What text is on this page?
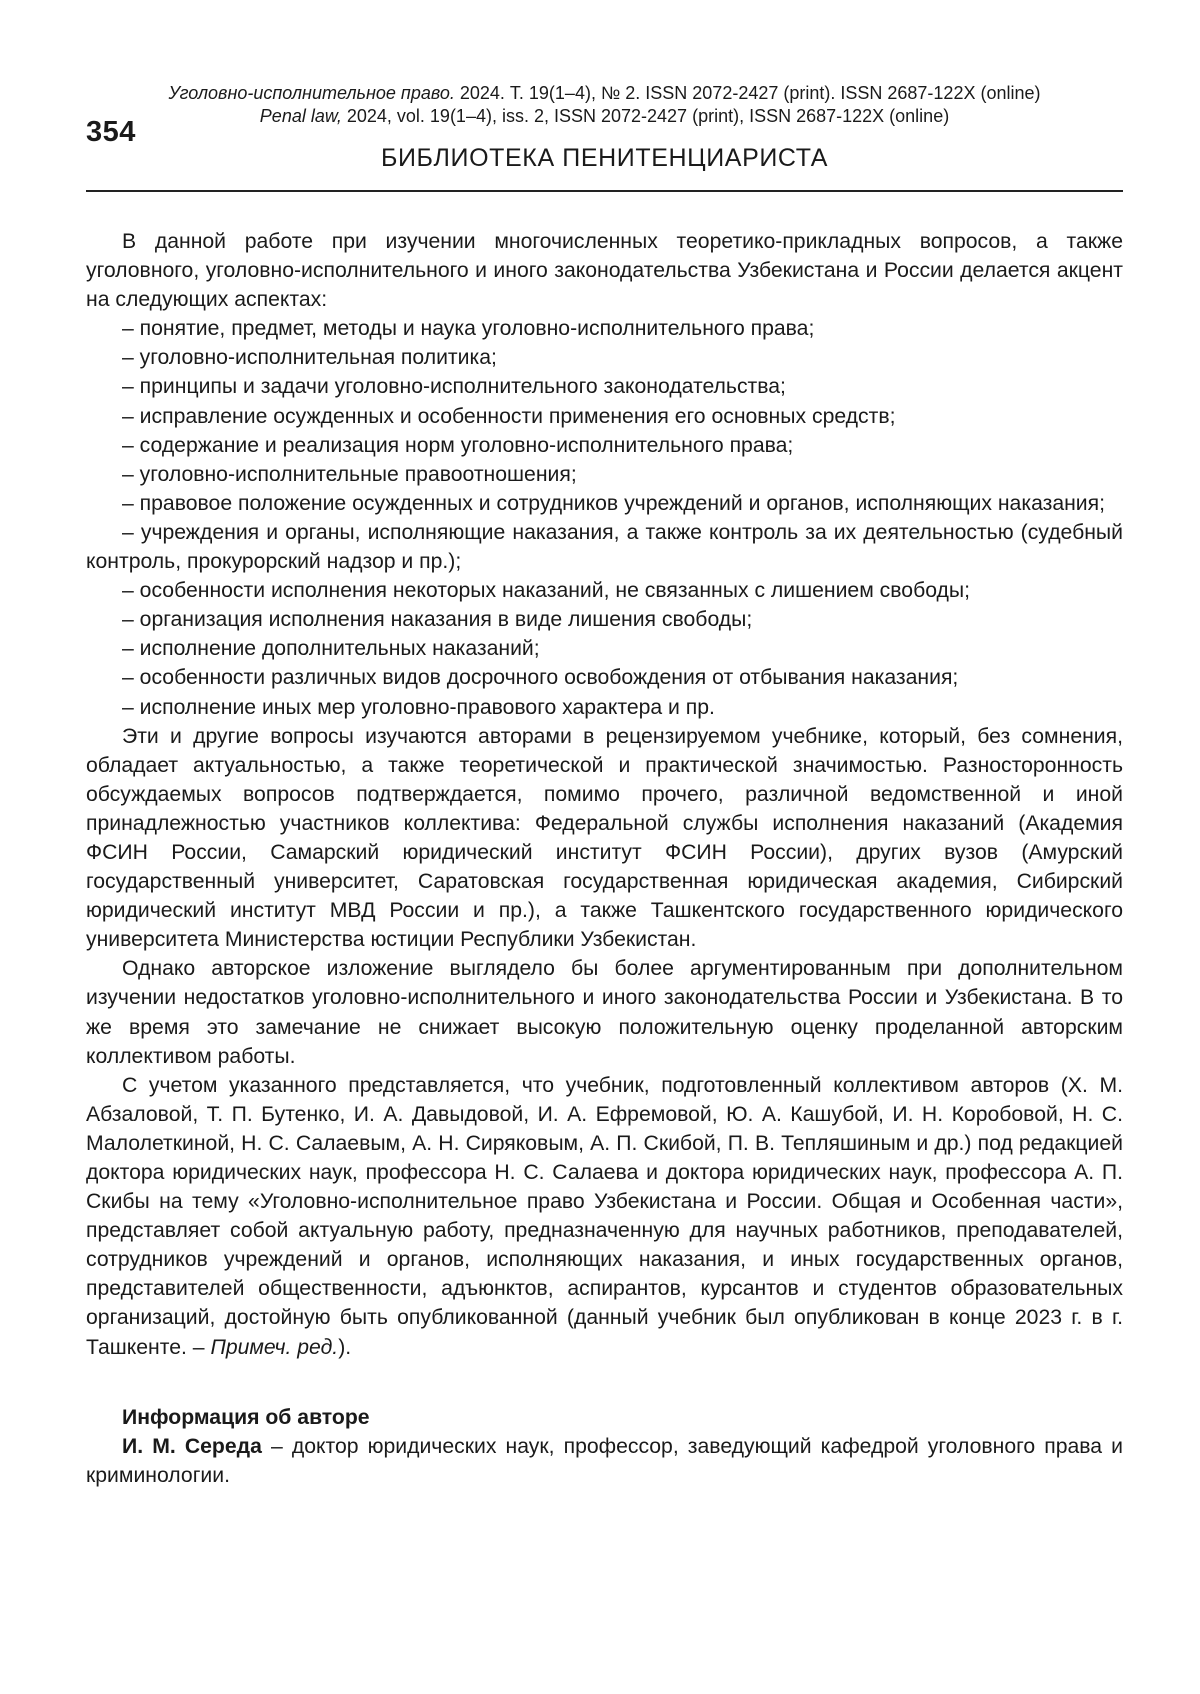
Уголовно-исполнительное право. 2024. Т. 19(1–4), № 2. ISSN 2072-2427 (print). ISSN 2687-122X (online)
Penal law, 2024, vol. 19(1–4), iss. 2, ISSN 2072-2427 (print), ISSN 2687-122X (online)
354
БИБЛИОТЕКА ПЕНИТЕНЦИАРИСТА

В данной работе при изучении многочисленных теоретико-прикладных вопросов, а также уголовного, уголовно-исполнительного и иного законодательства Узбекистана и России делается акцент на следующих аспектах:

– понятие, предмет, методы и наука уголовно-исполнительного права;

– уголовно-исполнительная политика;

– принципы и задачи уголовно-исполнительного законодательства;

– исправление осужденных и особенности применения его основных средств;

– содержание и реализация норм уголовно-исполнительного права;

– уголовно-исполнительные правоотношения;

– правовое положение осужденных и сотрудников учреждений и органов, исполняющих наказания;

– учреждения и органы, исполняющие наказания, а также контроль за их деятельностью (судебный контроль, прокурорский надзор и пр.);

– особенности исполнения некоторых наказаний, не связанных с лишением свободы;

– организация исполнения наказания в виде лишения свободы;

– исполнение дополнительных наказаний;

– особенности различных видов досрочного освобождения от отбывания наказания;

– исполнение иных мер уголовно-правового характера и пр.

Эти и другие вопросы изучаются авторами в рецензируемом учебнике, который, без сомнения, обладает актуальностью, а также теоретической и практической значимостью. Разносторонность обсуждаемых вопросов подтверждается, помимо прочего, различной ведомственной и иной принадлежностью участников коллектива: Федеральной службы исполнения наказаний (Академия ФСИН России, Самарский юридический институт ФСИН России), других вузов (Амурский государственный университет, Саратовская государственная юридическая академия, Сибирский юридический институт МВД России и пр.), а также Ташкентского государственного юридического университета Министерства юстиции Республики Узбекистан.

Однако авторское изложение выглядело бы более аргументированным при дополнительном изучении недостатков уголовно-исполнительного и иного законодательства России и Узбекистана. В то же время это замечание не снижает высокую положительную оценку проделанной авторским коллективом работы.

С учетом указанного представляется, что учебник, подготовленный коллективом авторов (Х. М. Абзаловой, Т. П. Бутенко, И. А. Давыдовой, И. А. Ефремовой, Ю. А. Кашубой, И. Н. Коробовой, Н. С. Малолеткиной, Н. С. Салаевым, А. Н. Сиряковым, А. П. Скибой, П. В. Тепляшиным и др.) под редакцией доктора юридических наук, профессора Н. С. Салаева и доктора юридических наук, профессора А. П. Скибы на тему «Уголовно-исполнительное право Узбекистана и России. Общая и Особенная части», представляет собой актуальную работу, предназначенную для научных работников, преподавателей, сотрудников учреждений и органов, исполняющих наказания, и иных государственных органов, представителей общественности, адъюнктов, аспирантов, курсантов и студентов образовательных организаций, достойную быть опубликованной (данный учебник был опубликован в конце 2023 г. в г. Ташкенте. – Примеч. ред.).

Информация об авторе

И. М. Середа – доктор юридических наук, профессор, заведующий кафедрой уголовного права и криминологии.
